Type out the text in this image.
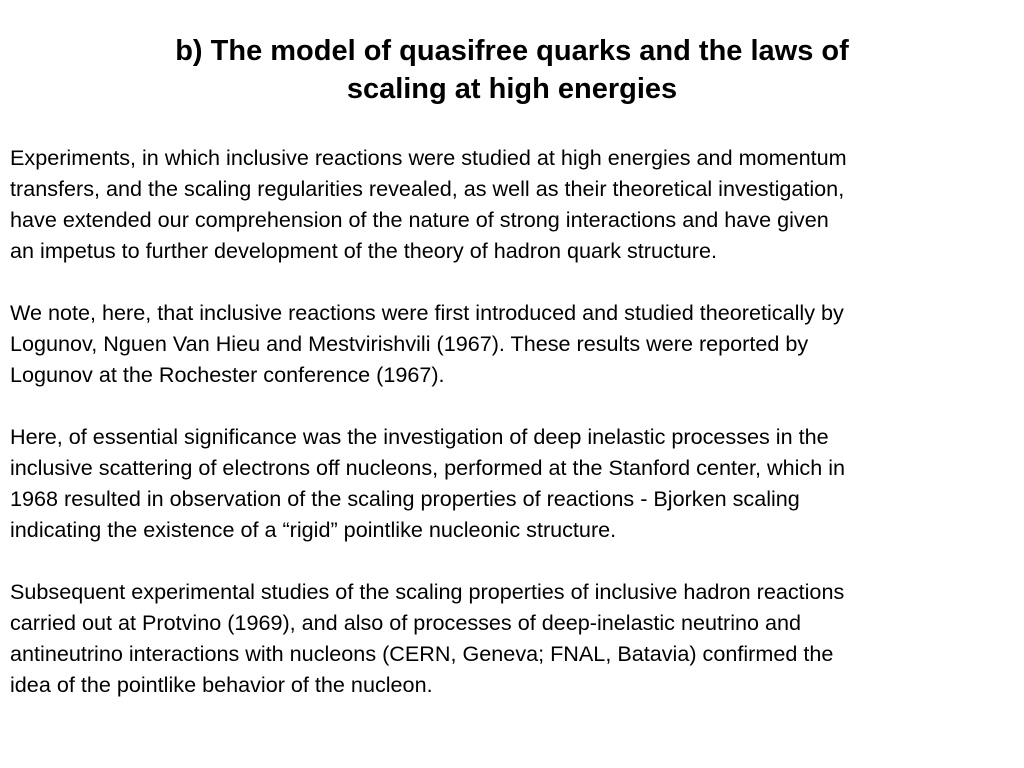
b) The model of quasifree quarks and the laws of
scaling at high energies

Experiments, in which inclusive reactions were studied at high energies and momentum
transfers, and the scaling regularities revealed, as well as their theoretical investigation,
have extended our comprehension of the nature of strong interactions and have given
an impetus to further development of the theory of hadron quark structure.

We note, here, that inclusive reactions were first introduced and studied theoretically by
Logunov, Nguen Van Hieu and Mestvirishvili (1967). These results were reported by
Logunov at the Rochester conference (1967).

Here, of essential significance was the investigation of deep inelastic processes in the
inclusive scattering of electrons off nucleons, performed at the Stanford center, which in
1968 resulted in observation of the scaling properties of reactions - Bjorken scaling
indicating the existence of a “rigid” pointlike nucleonic structure.

Subsequent experimental studies of the scaling properties of inclusive hadron reactions
carried out at Protvino (1969), and also of processes of deep-inelastic neutrino and
antineutrino interactions with nucleons (CERN, Geneva; FNAL, Batavia) confirmed the
idea of the pointlike behavior of the nucleon.
